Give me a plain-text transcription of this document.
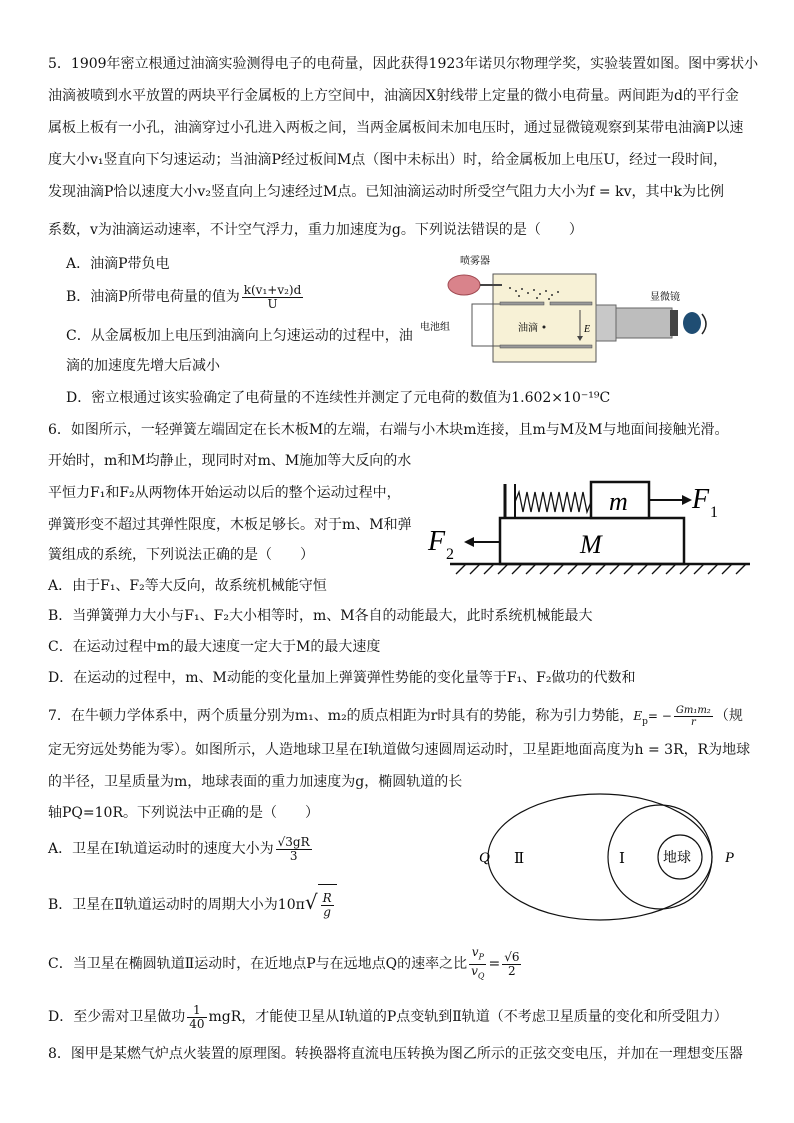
5．1909年密立根通过油滴实验测得电子的电荷量，因此获得1923年诺贝尔物理学奖，实验装置如图。图中雾状小
油滴被喷到水平放置的两块平行金属板的上方空间中，油滴因X射线带上定量的微小电荷量。两间距为d的平行金
属板上板有一小孔，油滴穿过小孔进入两板之间，当两金属板间未加电压时，通过显微镜观察到某带电油滴P以速
度大小v₁竖直向下匀速运动；当油滴P经过板间M点（图中未标出）时，给金属板加上电压U，经过一段时间，
发现油滴P恰以速度大小v₂竖直向上匀速经过M点。已知油滴运动时所受空气阻力大小为f = kv，其中k为比例
系数，v为油滴运动速率，不计空气浮力，重力加速度为g。下列说法错误的是（　　）
A．油滴P带负电
B．油滴P所带电荷量的值为 $\frac{\text{k(v₁+v₂)d}}{U}$
C．从金属板加上电压到油滴向上匀速运动的过程中，油
滴的加速度先增大后减小
D．密立根通过该实验确定了电荷量的不连续性并测定了元电荷的数值为1.602×10⁻¹⁹C
喷雾器
电池组	油滴	E
显微镜
6．如图所示，一轻弹簧左端固定在长木板M的左端，右端与小木块m连接，且m与M及M与地面间接触光滑。
开始时，m和M均静止，现同时对m、M施加等大反向的水
平恒力F₁和F₂从两物体开始运动以后的整个运动过程中，
弹簧形变不超过其弹性限度，木板足够长。对于m、M和弹
簧组成的系统，下列说法正确的是（　　）
A．由于F₁、F₂等大反向，故系统机械能守恒
B．当弹簧弹力大小与F₁、F₂大小相等时，m、M各自的动能最大，此时系统机械能最大
C．在运动过程中m的最大速度一定大于M的最大速度
D．在运动的过程中，m、M动能的变化量加上弹簧弹性势能的变化量等于F₁、F₂做功的代数和
m
M
F 1
F 2
7．在牛顿力学体系中，两个质量分别为m₁、m₂的质点相距为r时具有的势能，称为引力势能，$E_p= - \frac{\text{Gm₁m₂}}{r}$ （规
定无穷远处势能为零）。如图所示，人造地球卫星在Ⅰ轨道做匀速圆周运动时，卫星距地面高度为h = 3R，R为地球
的半径，卫星质量为m，地球表面的重力加速度为g，椭圆轨道的长
轴PQ=10R。下列说法中正确的是（　　）
A．卫星在Ⅰ轨道运动时的速度大小为 $\frac{√3gR}{3}$
B．卫星在Ⅱ轨道运动时的周期大小为$10\pi√ \frac{R}{g}$
C．当卫星在椭圆轨道Ⅱ运动时，在近地点P与在远地点Q的速率之比 $\frac{v_P}{v_Q} = \frac{√6}{2}$
D．至少需对卫星做功 $\frac{1}{40}$ mgR，才能使卫星从Ⅰ轨道的P点变轨到Ⅱ轨道（不考虑卫星质量的变化和所受阻力）
Q Ⅱ	Ⅰ	地球 P
8．图甲是某燃气炉点火装置的原理图。转换器将直流电压转换为图乙所示的正弦交变电压，并加在一理想变压器
